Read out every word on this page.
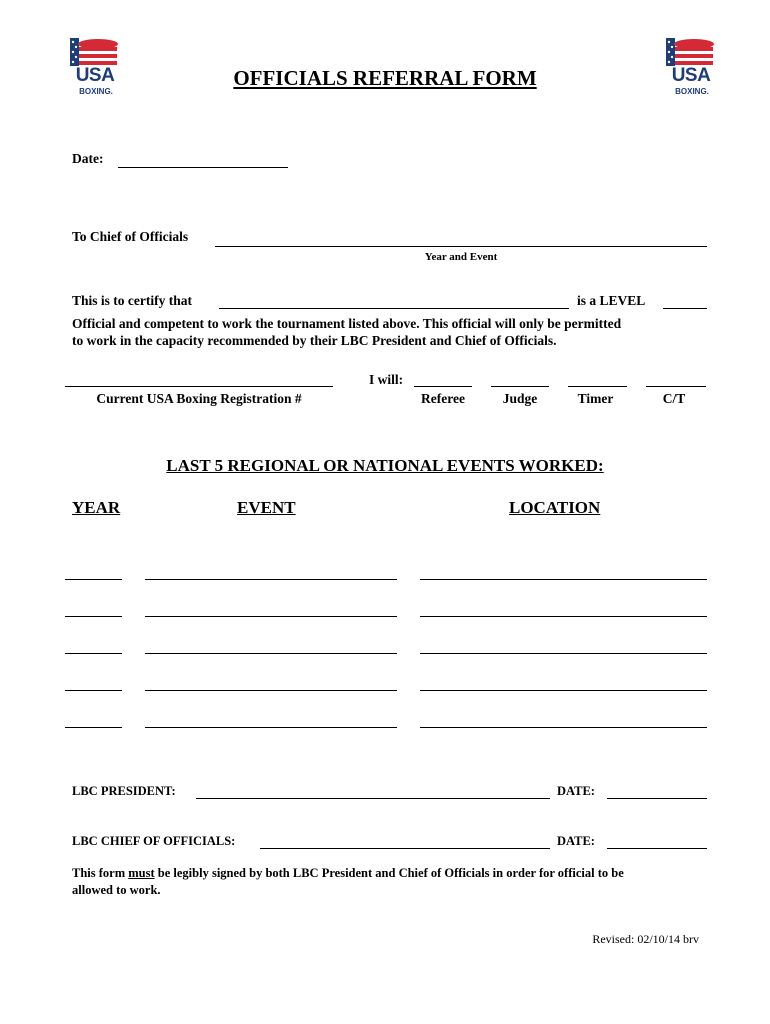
USA
BOXING.
USA
BOXING.
OFFICIALS REFERRAL FORM
Date:
To Chief of Officials
Year and Event
This is to certify that	is a LEVEL
Official and competent to work the tournament listed above. This official will only be permitted
to work in the capacity recommended by their LBC President and Chief of Officials.
Current USA Boxing Registration #
I will:
Referee	Judge	Timer	C/T
LAST 5 REGIONAL OR NATIONAL EVENTS WORKED:
YEAR	EVENT	LOCATION
LBC PRESIDENT:	DATE:
LBC CHIEF OF OFFICIALS:	DATE:
This form must be legibly signed by both LBC President and Chief of Officials in order for official to be
allowed to work.
Revised: 02/10/14 brv
